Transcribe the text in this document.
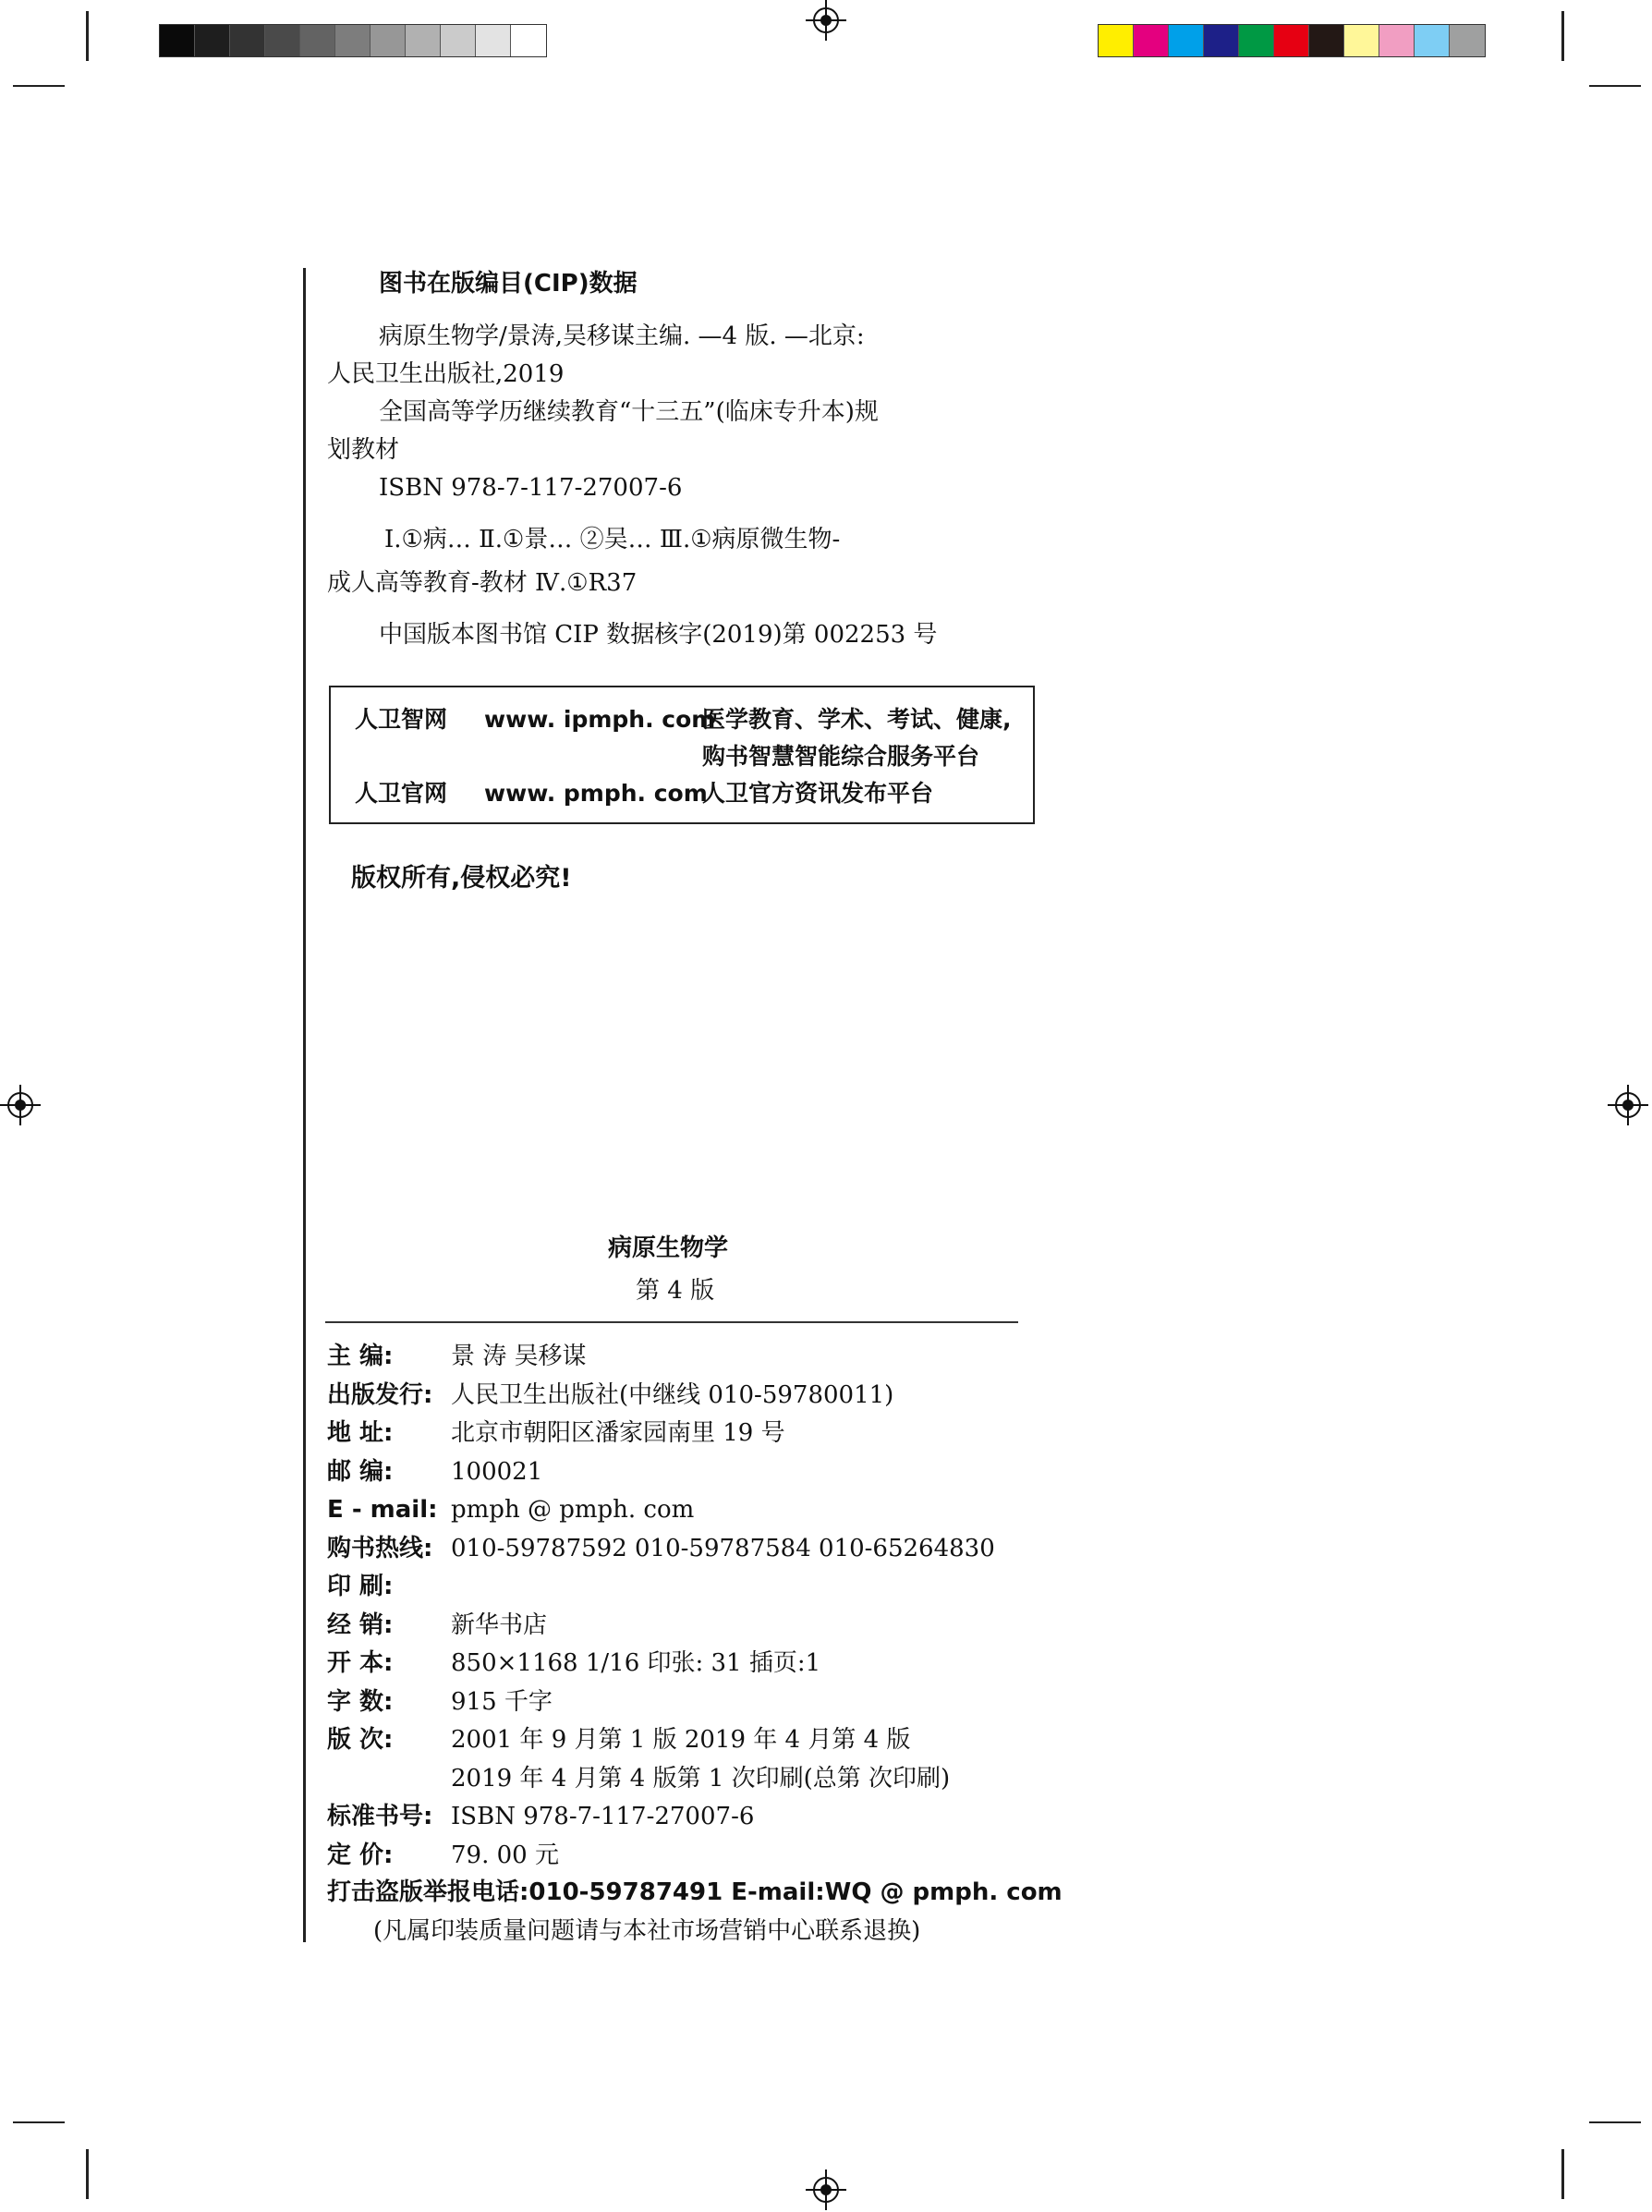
图书在版编目(CIP)数据
病原生物学/景涛,吴移谋主编. —4 版. —北京:
人民卫生出版社,2019
全国高等学历继续教育“十三五”(临床专升本)规
划教材
ISBN 978-7-117-27007-6
Ⅰ.①病… Ⅱ.①景… ②吴… Ⅲ.①病原微生物-
成人高等教育-教材 Ⅳ.①R37
中国版本图书馆 CIP 数据核字(2019)第 002253 号
人卫智网 www. ipmph. com
医学教育、学术、考试、健康,
购书智慧智能综合服务平台
人卫官网 www. pmph. com
人卫官方资讯发布平台
版权所有,侵权必究!
病原生物学
第 4 版
主 编: 景 涛 吴移谋
出版发行: 人民卫生出版社(中继线 010-59780011)
地 址: 北京市朝阳区潘家园南里 19 号
邮 编: 100021
E - mail: pmph @ pmph. com
购书热线: 010-59787592 010-59787584 010-65264830
印 刷:
经 销: 新华书店
开 本: 850×1168 1/16 印张: 31 插页:1
字 数: 915 千字
版 次: 2001 年 9 月第 1 版 2019 年 4 月第 4 版
2019 年 4 月第 4 版第 1 次印刷(总第 次印刷)
标准书号: ISBN 978-7-117-27007-6
定 价: 79. 00 元
打击盗版举报电话:010-59787491 E-mail:WQ @ pmph. com
(凡属印装质量问题请与本社市场营销中心联系退换)
